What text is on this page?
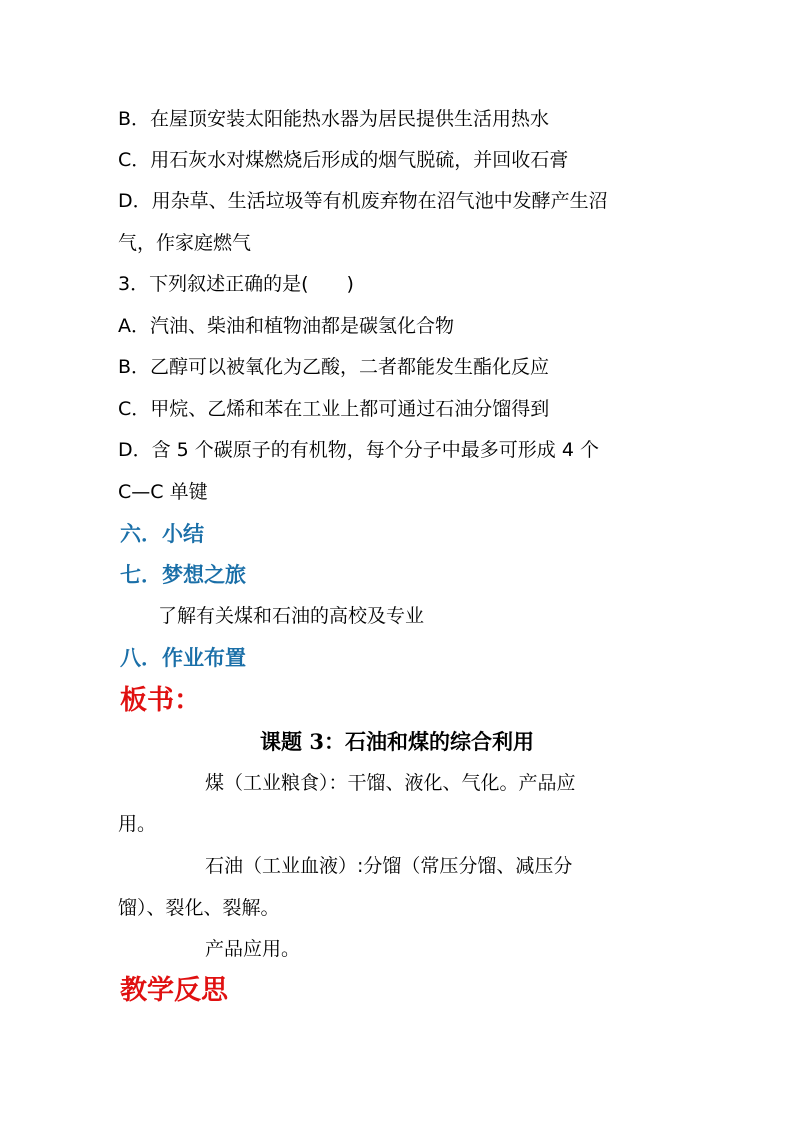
B．在屋顶安装太阳能热水器为居民提供生活用热水
C．用石灰水对煤燃烧后形成的烟气脱硫，并回收石膏
D．用杂草、生活垃圾等有机废弃物在沼气池中发酵产生沼
气，作家庭燃气
3．下列叙述正确的是(　　)
A．汽油、柴油和植物油都是碳氢化合物
B．乙醇可以被氧化为乙酸，二者都能发生酯化反应
C．甲烷、乙烯和苯在工业上都可通过石油分馏得到
D．含 5 个碳原子的有机物，每个分子中最多可形成 4 个
C—C 单键
六．小结
七．梦想之旅
了解有关煤和石油的高校及专业
八．作业布置
板书：
课题 3：石油和煤的综合利用
煤（工业粮食）：干馏、液化、气化。产品应
用。
石油（工业血液）:分馏（常压分馏、减压分
馏）、裂化、裂解。
产品应用。
教学反思
